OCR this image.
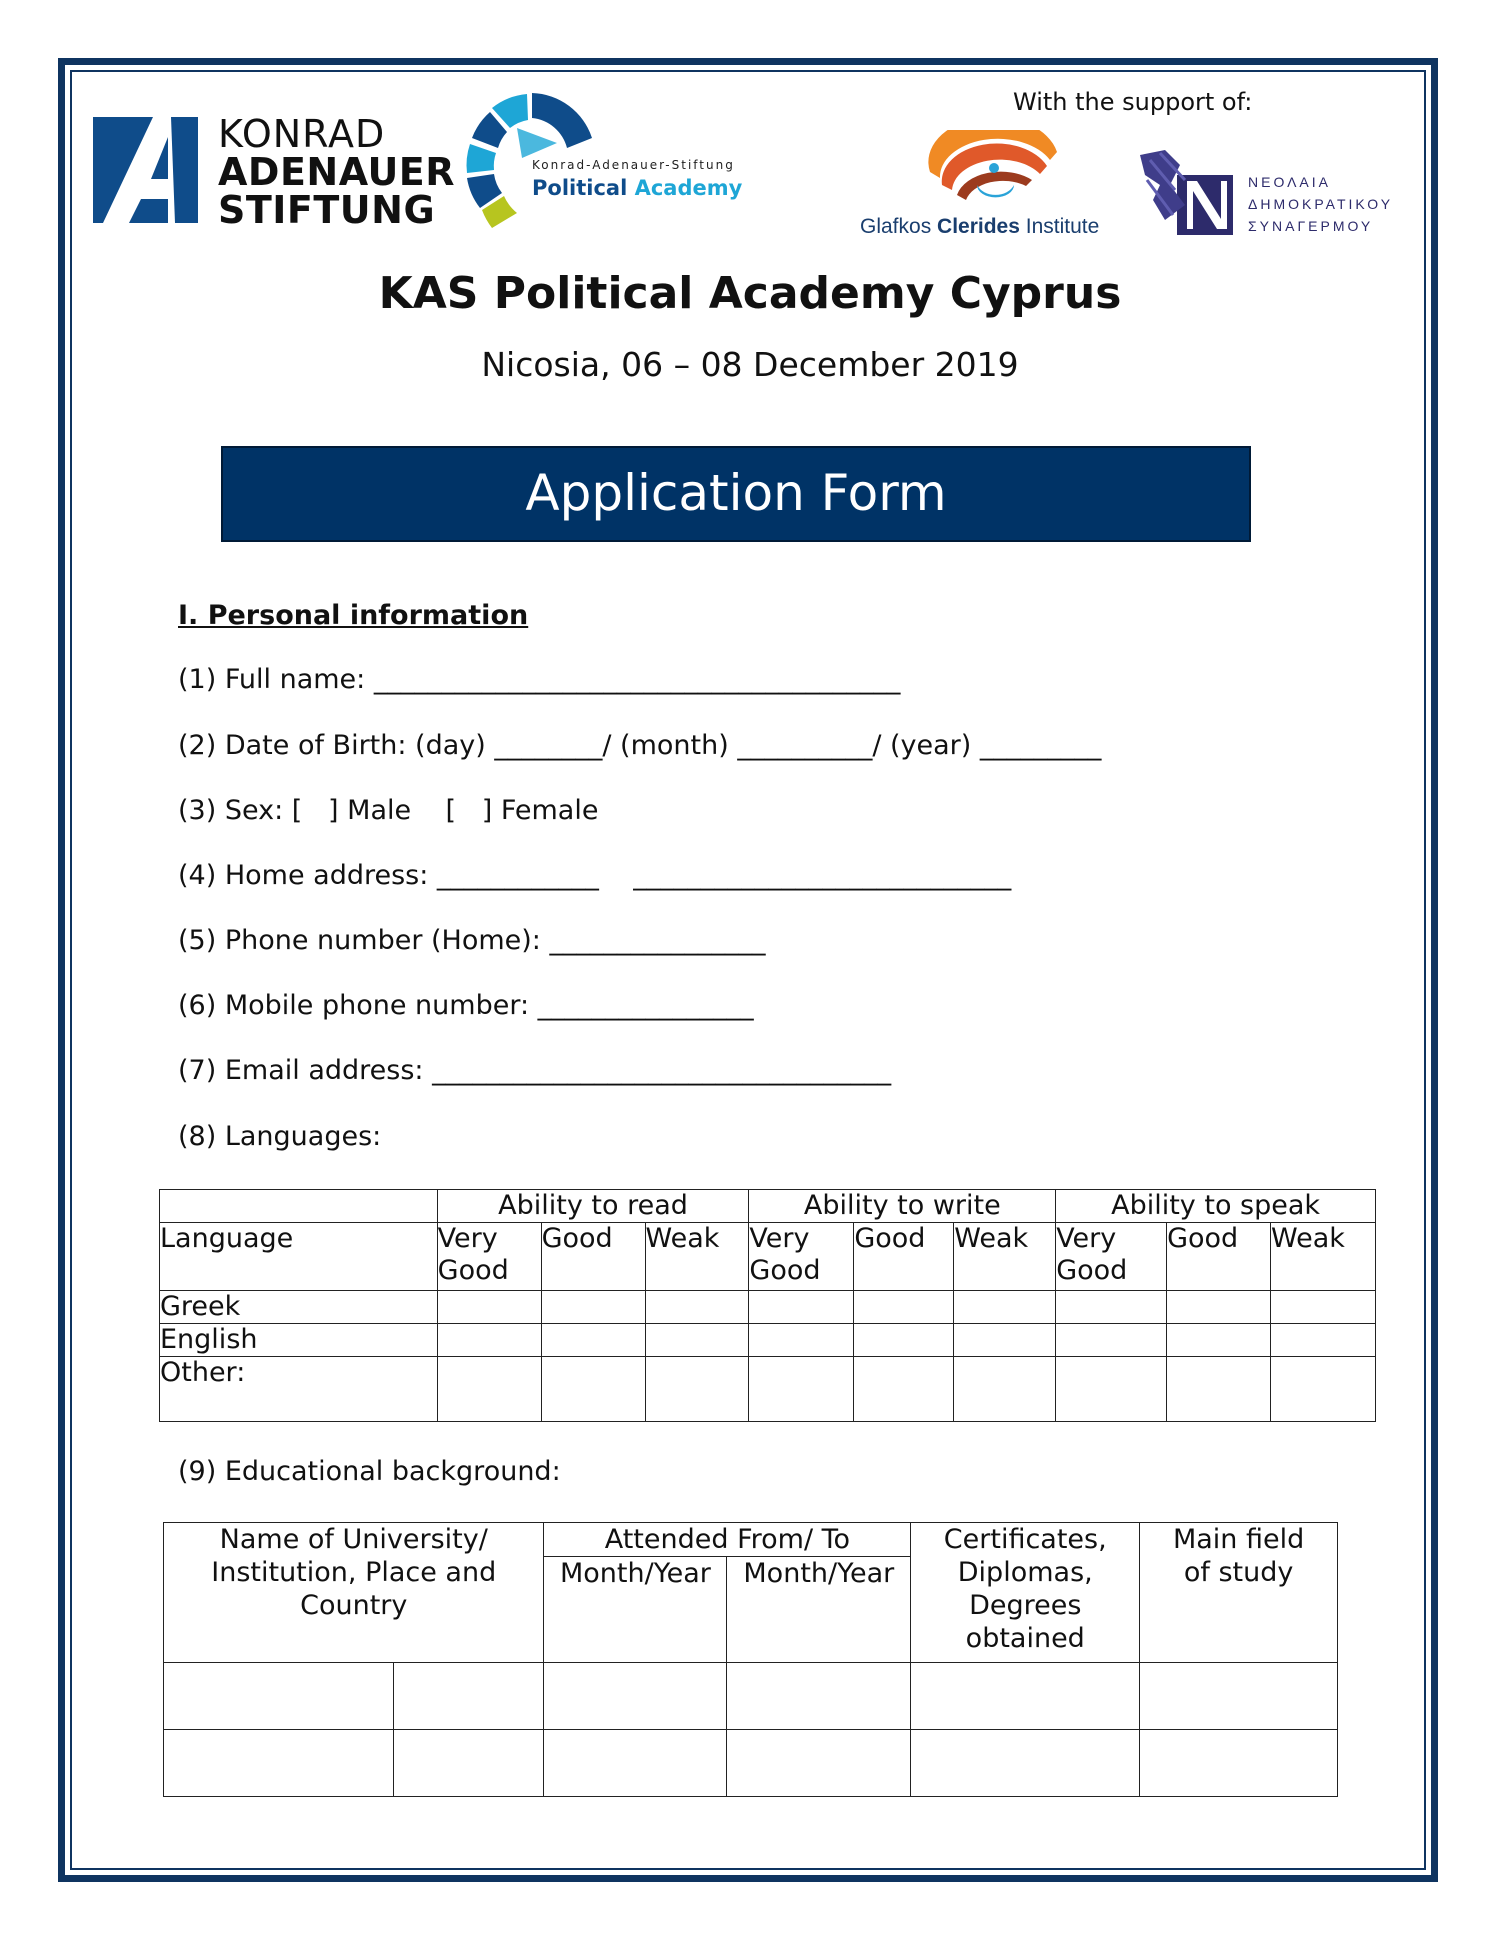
KONRAD
ADENAUER
STIFTUNG
Konrad-Adenauer-Stiftung
Political Academy
With the support of:
Glafkos Clerides Institute
ΝΕΟΛΑΙΑ
ΔΗΜΟΚΡΑΤΙΚΟΥ
ΣΥΝΑΓΕΡΜΟΥ
KAS Political Academy Cyprus
Nicosia, 06 – 08 December 2019
Application Form
I. Personal information
(1) Full name: _______________________________________
(2) Date of Birth: (day) ________/ (month) __________/ (year) _________
(3) Sex: [   ] Male    [   ] Female
(4) Home address: ____________    ____________________________
(5) Phone number (Home): ________________
(6) Mobile phone number: ________________
(7) Email address: __________________________________
(8) Languages:
	Ability to read			Ability to write			Ability to speak		
Language	Very Good	Good	Weak	Very Good	Good	Weak	Very Good	Good	Weak
Greek									
English									
Other:									
(9) Educational background:
Name of University/ Institution, Place and Country		Attended From/ To		Certificates, Diplomas, Degrees obtained	Main field of study
		Month/Year	Month/Year		
